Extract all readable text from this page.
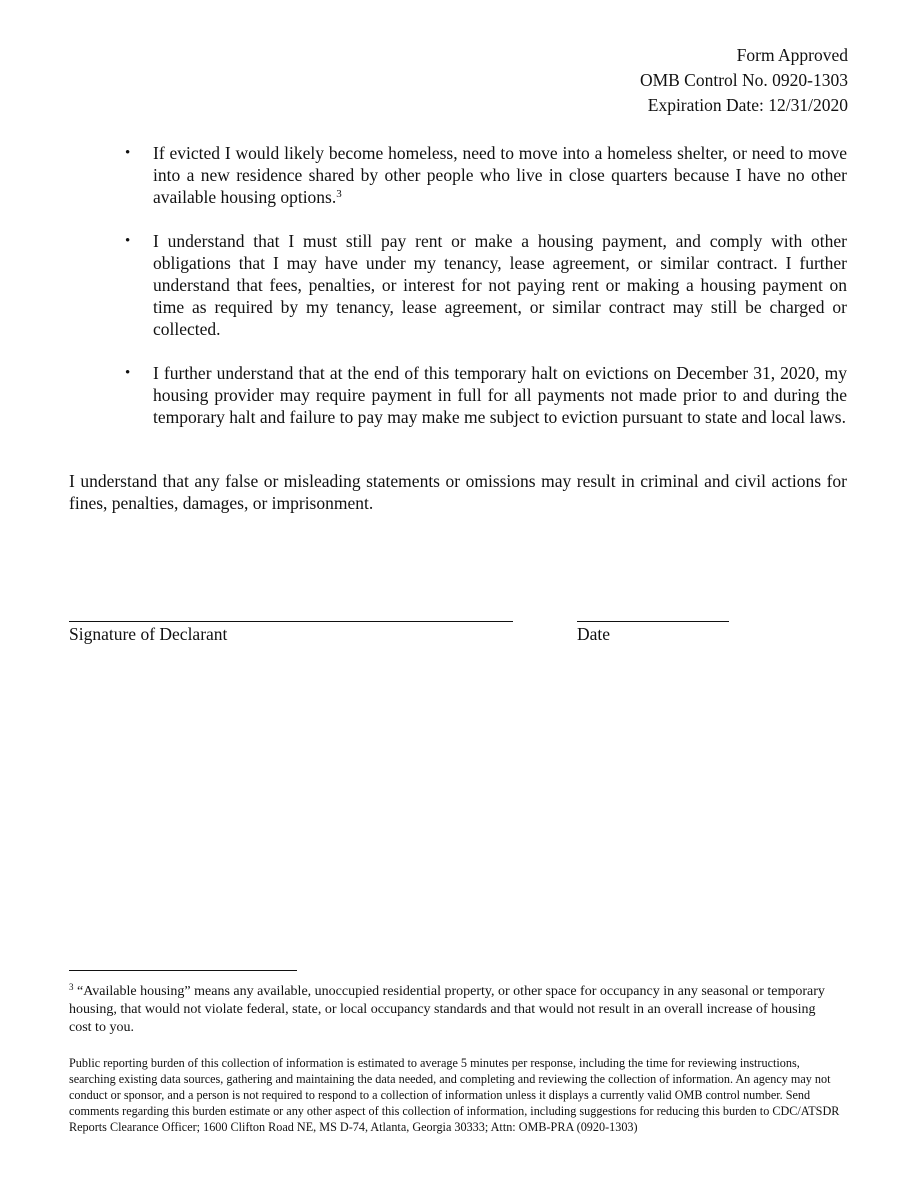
Form Approved
OMB Control No. 0920-1303
Expiration Date: 12/31/2020
•	If evicted I would likely become homeless, need to move into a homeless shelter, or need to move into a new residence shared by other people who live in close quarters because I have no other available housing options.$^3$
•	I understand that I must still pay rent or make a housing payment, and comply with other obligations that I may have under my tenancy, lease agreement, or similar contract. I further understand that fees, penalties, or interest for not paying rent or making a housing payment on time as required by my tenancy, lease agreement, or similar contract may still be charged or collected.
•	I further understand that at the end of this temporary halt on evictions on December 31, 2020, my housing provider may require payment in full for all payments not made prior to and during the temporary halt and failure to pay may make me subject to eviction pursuant to state and local laws.
I understand that any false or misleading statements or omissions may result in criminal and civil actions for fines, penalties, damages, or imprisonment.
Signature of Declarant	Date
$^3$ “Available housing” means any available, unoccupied residential property, or other space for occupancy in any seasonal or temporary housing, that would not violate federal, state, or local occupancy standards and that would not result in an overall increase of housing cost to you.
Public reporting burden of this collection of information is estimated to average 5 minutes per response, including the time for reviewing instructions, searching existing data sources, gathering and maintaining the data needed, and completing and reviewing the collection of information. An agency may not conduct or sponsor, and a person is not required to respond to a collection of information unless it displays a currently valid OMB control number. Send comments regarding this burden estimate or any other aspect of this collection of information, including suggestions for reducing this burden to CDC/ATSDR Reports Clearance Officer; 1600 Clifton Road NE, MS D-74, Atlanta, Georgia 30333; Attn: OMB-PRA (0920-1303)
